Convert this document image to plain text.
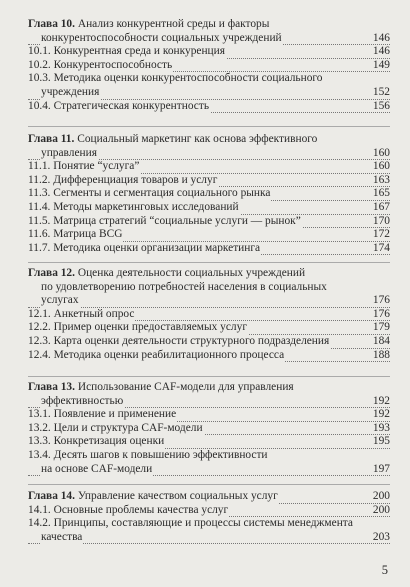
Глава 10. Анализ конкурентной среды и факторы
конкурентоспособности социальных учреждений	146
10.1. Конкурентная среда и конкуренция	146
10.2. Конкурентоспособность	149
10.3. Методика оценки конкурентоспособности социального
учреждения	152
10.4. Стратегическая конкурентность	156
Глава 11. Социальный маркетинг как основа эффективного
управления	160
11.1. Понятие “услуга”	160
11.2. Дифференциация товаров и услуг	163
11.3. Сегменты и сегментация социального рынка	165
11.4. Методы маркетинговых исследований	167
11.5. Матрица стратегий “социальные услуги — рынок”	170
11.6. Матрица BCG	172
11.7. Методика оценки организации маркетинга	174
Глава 12. Оценка деятельности социальных учреждений
по удовлетворению потребностей населения в социальных
услугах	176
12.1. Анкетный опрос	176
12.2. Пример оценки предоставляемых услуг	179
12.3. Карта оценки деятельности структурного подразделения	184
12.4. Методика оценки реабилитационного процесса	188
Глава 13. Использование CAF-модели для управления
эффективностью	192
13.1. Появление и применение	192
13.2. Цели и структура CAF-модели	193
13.3. Конкретизация оценки	195
13.4. Десять шагов к повышению эффективности
на основе CAF-модели	197
Глава 14. Управление качеством социальных услуг	200
14.1. Основные проблемы качества услуг	200
14.2. Принципы, составляющие и процессы системы менеджмента
качества	203
5
